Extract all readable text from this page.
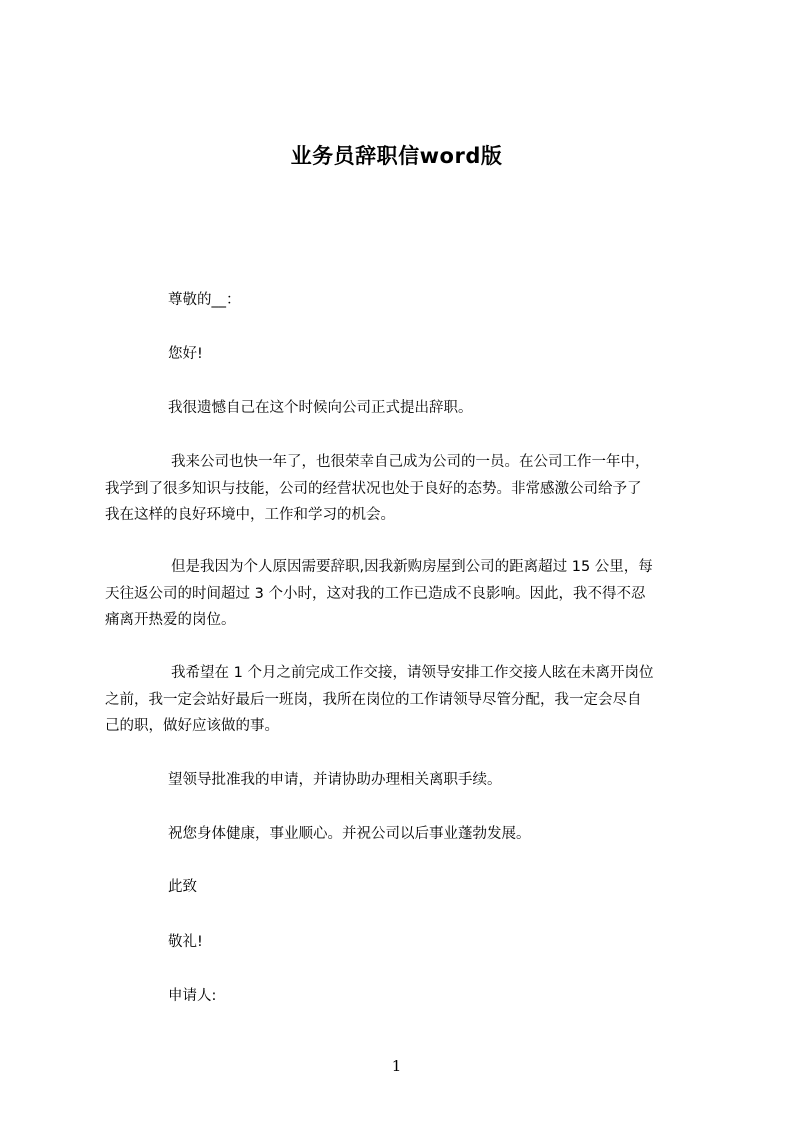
业务员辞职信word版
尊敬的__：
您好!
我很遗憾自己在这个时候向公司正式提出辞职。
我来公司也快一年了，也很荣幸自己成为公司的一员。在公司工作一年中，
我学到了很多知识与技能，公司的经营状况也处于良好的态势。非常感激公司给予了
我在这样的良好环境中，工作和学习的机会。
但是我因为个人原因需要辞职,因我新购房屋到公司的距离超过 15 公里，每
天往返公司的时间超过 3 个小时，这对我的工作已造成不良影响。因此，我不得不忍
痛离开热爱的岗位。
我希望在 1 个月之前完成工作交接，请领导安排工作交接人眩在未离开岗位
之前，我一定会站好最后一班岗，我所在岗位的工作请领导尽管分配，我一定会尽自
己的职，做好应该做的事。
望领导批准我的申请，并请协助办理相关离职手续。
祝您身体健康，事业顺心。并祝公司以后事业蓬勃发展。
此致
敬礼!
申请人:
1
